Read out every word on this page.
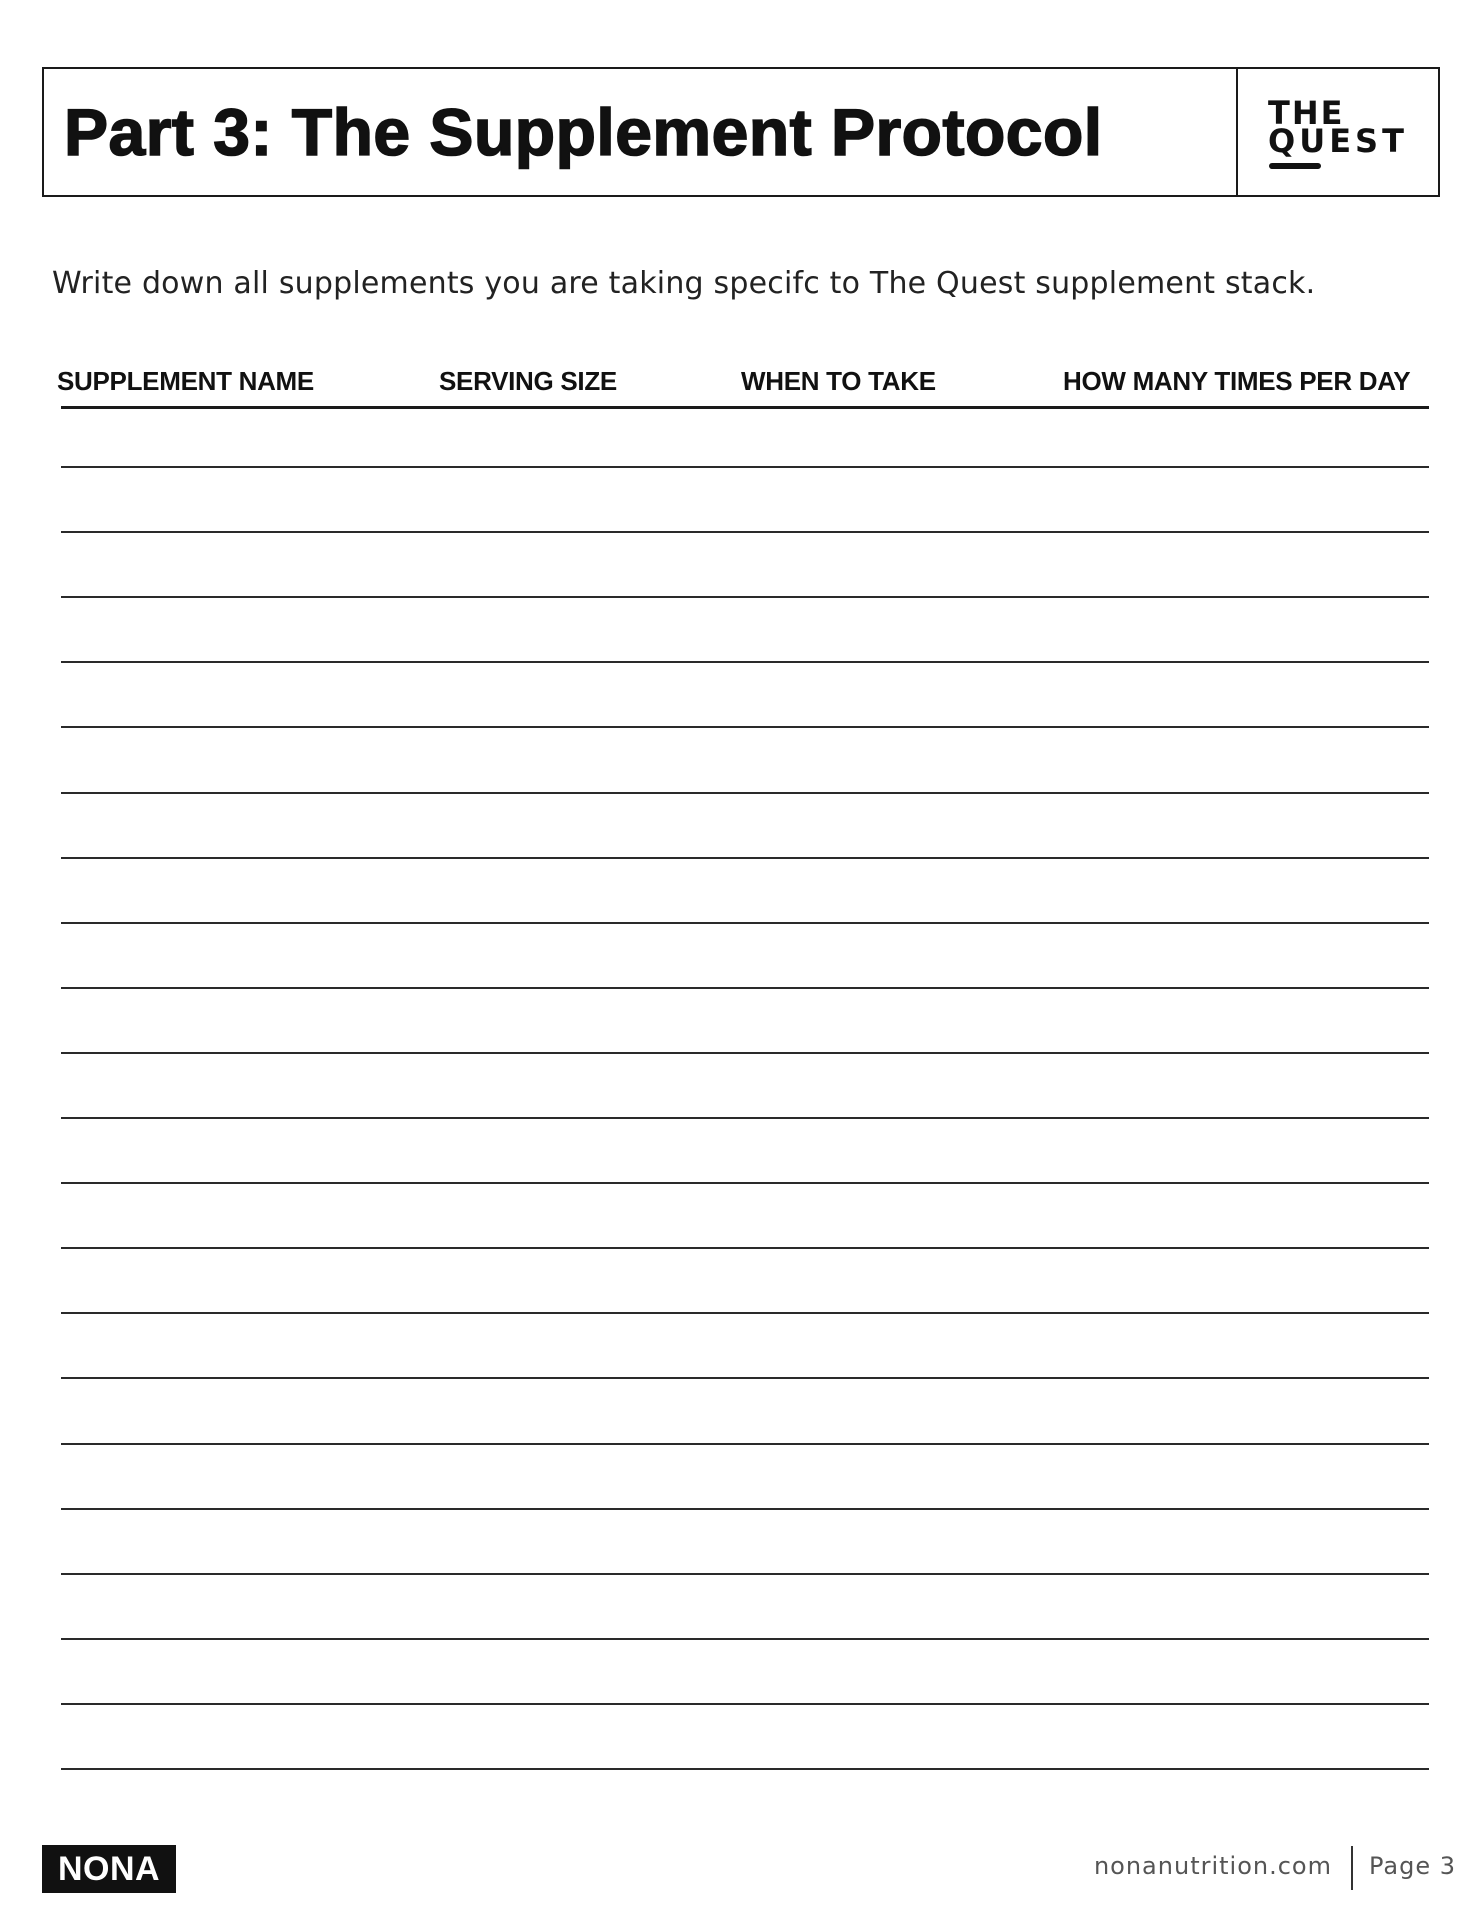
Part 3: The Supplement Protocol	THE
QUEST
Write down all supplements you are taking specifc to The Quest supplement stack.
SUPPLEMENT NAME	SERVING SIZE	WHEN TO TAKE	HOW MANY TIMES PER DAY
NONA	nonanutrition.com Page 3
